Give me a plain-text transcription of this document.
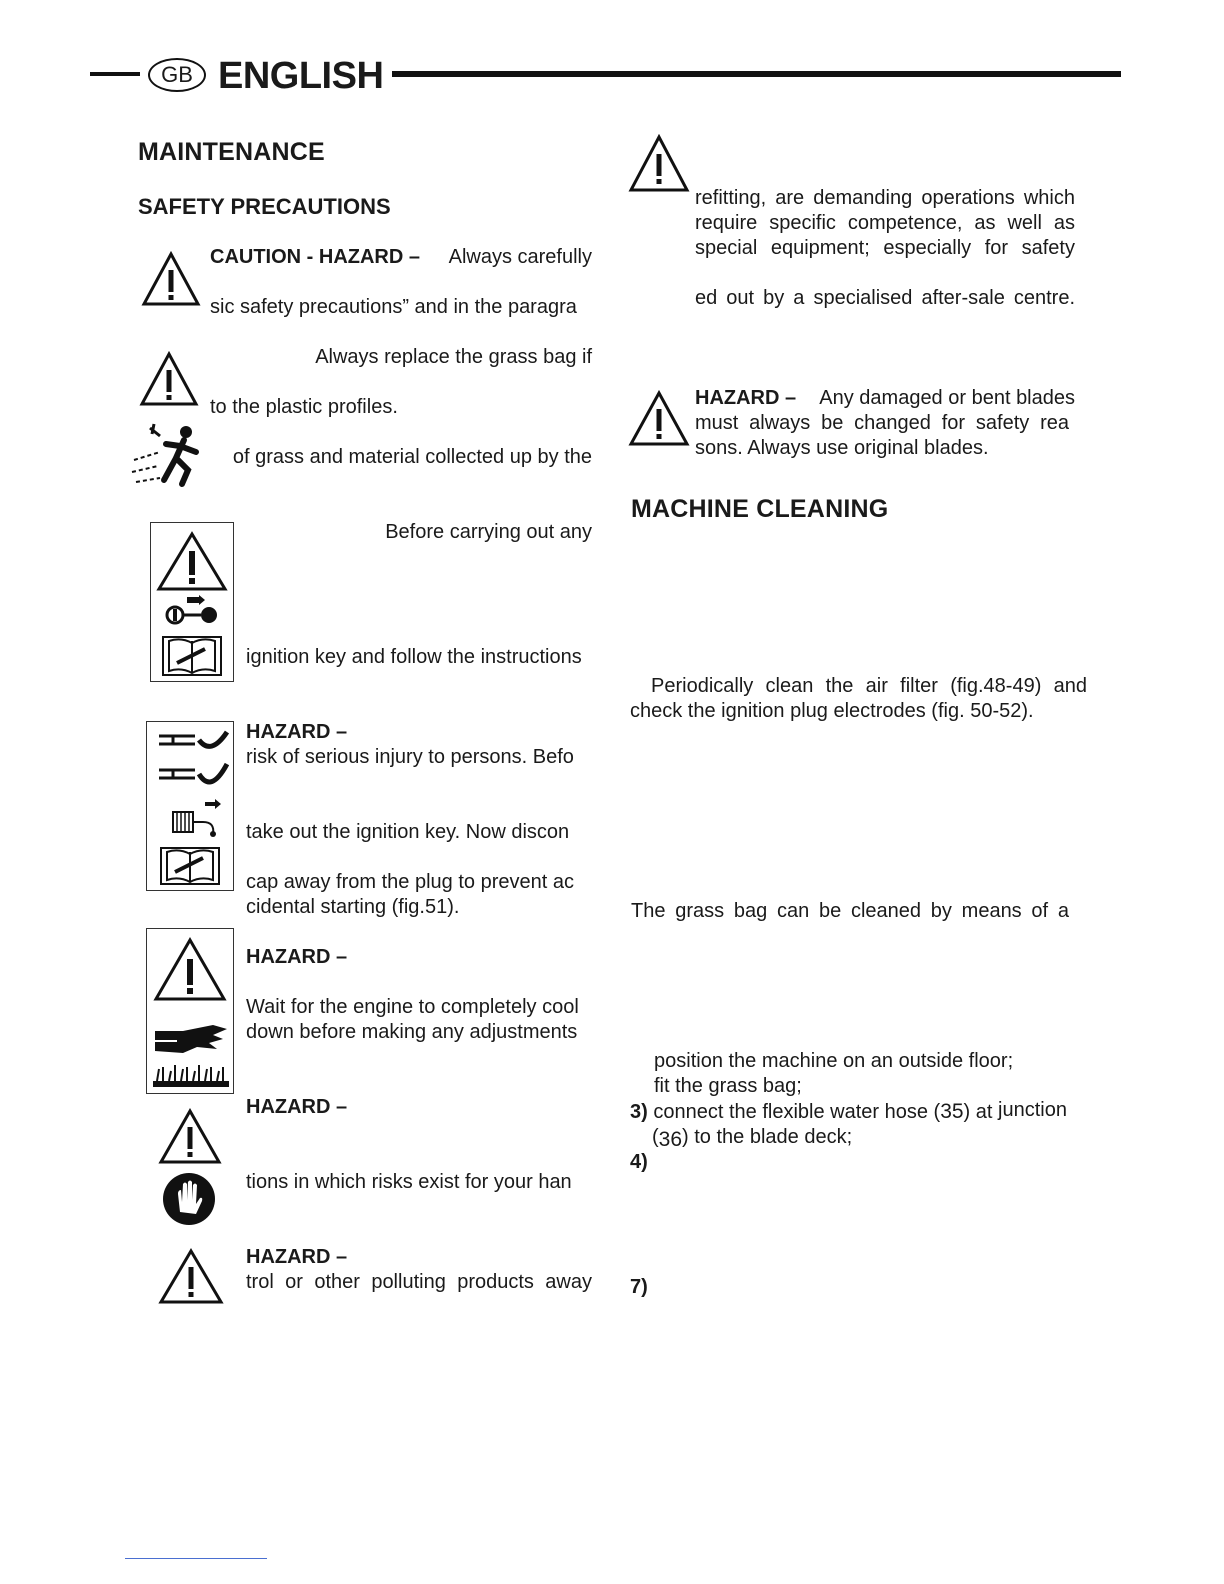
GB ENGLISH
MAINTENANCE
SAFETY PRECAUTIONS
CAUTION - HAZARD – Always carefully
sic safety precautions” and in the paragra
Always replace the grass bag if
to the plastic profiles.
of grass and material collected up by the
Before carrying out any
ignition key and follow the instructions
HAZARD –
risk of serious injury to persons. Befo
take out the ignition key. Now discon
cap away from the plug to prevent ac
cidental starting (fig.51).
HAZARD –
Wait for the engine to completely cool
down before making any adjustments
HAZARD –
tions in which risks exist for your han
HAZARD –
trol or other polluting products away
refitting, are demanding operations which
require specific competence, as well as
special equipment; especially for safety
ed out by a specialised after-sale centre.
HAZARD – Any damaged or bent blades
must always be changed for safety rea
sons. Always use original blades.
MACHINE CLEANING
Periodically clean the air filter (fig.48-49) and
check the ignition plug electrodes (fig. 50-52).
The grass bag can be cleaned by means of a
position the machine on an outside floor;
fit the grass bag;
3) connect the flexible water hose (35) at junction
(36) to the blade deck;
4)
7)
